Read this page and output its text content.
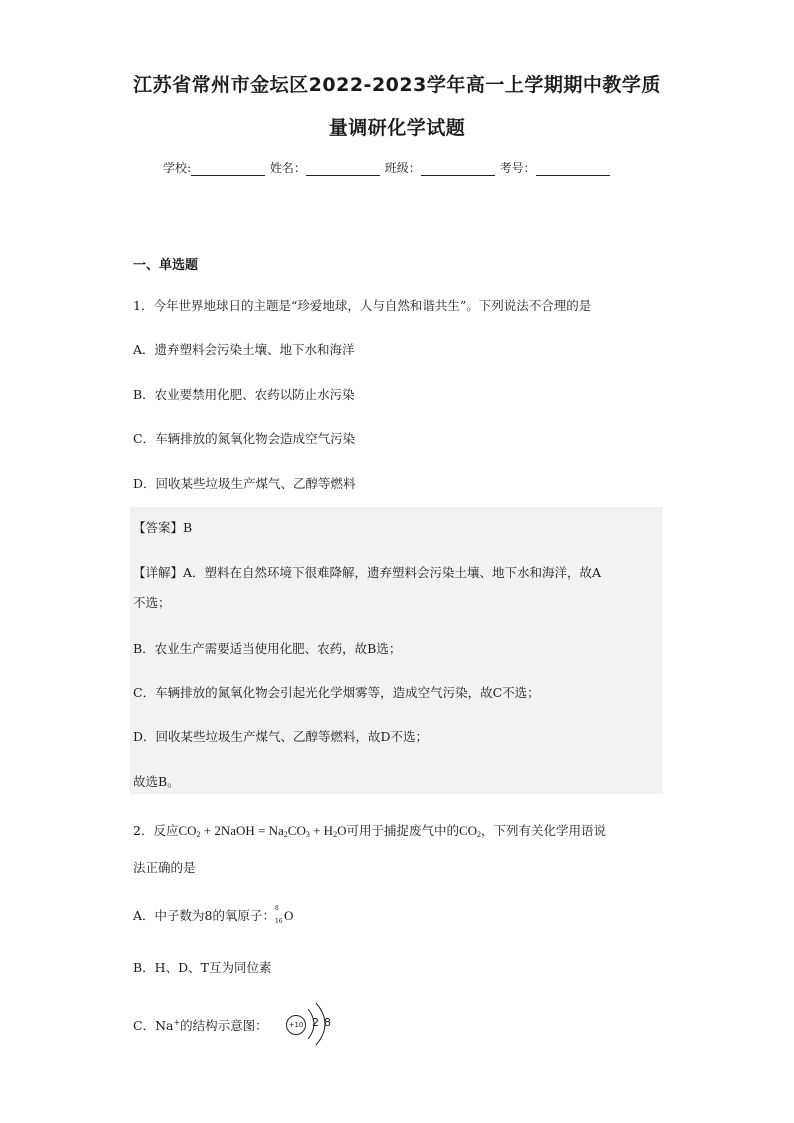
江苏省常州市金坛区2022-2023学年高一上学期期中教学质
量调研化学试题
学校:	姓名：	班级：	考号：
一、单选题
1．今年世界地球日的主题是“珍爱地球，人与自然和谐共生”。下列说法不合理的是
A．遗弃塑料会污染土壤、地下水和海洋
B．农业要禁用化肥、农药以防止水污染
C．车辆排放的氮氧化物会造成空气污染
D．回收某些垃圾生产煤气、乙醇等燃料
【答案】B
【详解】A．塑料在自然环境下很难降解，遗弃塑料会污染土壤、地下水和海洋，故A
不选；
B．农业生产需要适当使用化肥、农药，故B选；
C．车辆排放的氮氧化物会引起光化学烟雾等，造成空气污染，故C不选；
D．回收某些垃圾生产煤气、乙醇等燃料，故D不选；
故选B。
2．反应$CO_2$ + 2NaOH = $Na_2CO_3 + H_2O$可用于捕捉废气中的$CO_2$，下列有关化学用语说
法正确的是
A．中子数为8的氧原子： 8
16 O
B．H、D、T互为同位素
C．Na+的结构示意图：	+10 2 8
